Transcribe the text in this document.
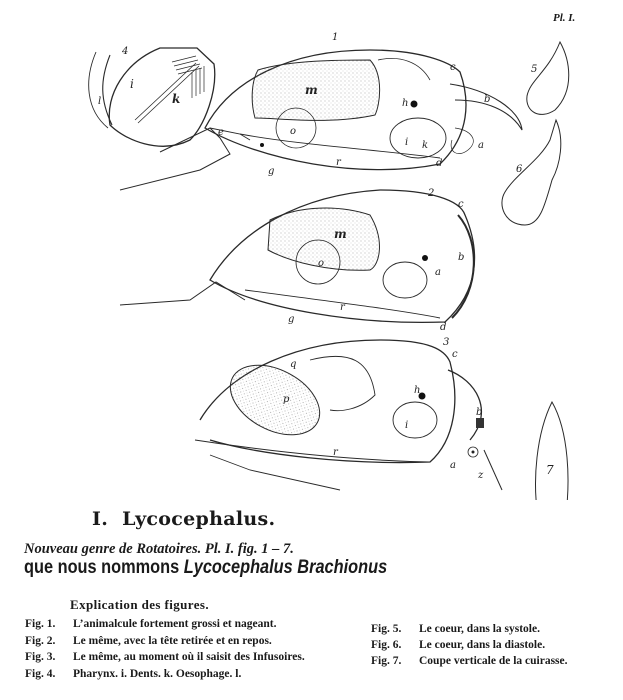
Pl. I.
4
i
k
l
1
m
o
c
b
a
d
h
i k
r
g
e
5
6
2
m
o
c
b
a
d
r
g
3
c
p
q
h
i
b
a
z
r
7
I. Lycocephalus.
Nouveau genre de Rotatoires. Pl. I. fig. 1 – 7.
que nous nommons Lycocephalus Brachionus
Explication des figures.
Fig. 1. L’animalcule fortement grossi et nageant.
Fig. 2. Le même, avec la tête retirée et en repos.
Fig. 3. Le même, au moment où il saisit des Infusoires.
Fig. 4. Pharynx. i. Dents. k. Oesophage. l.
Fig. 5. Le coeur, dans la systole.
Fig. 6. Le coeur, dans la diastole.
Fig. 7. Coupe verticale de la cuirasse.
